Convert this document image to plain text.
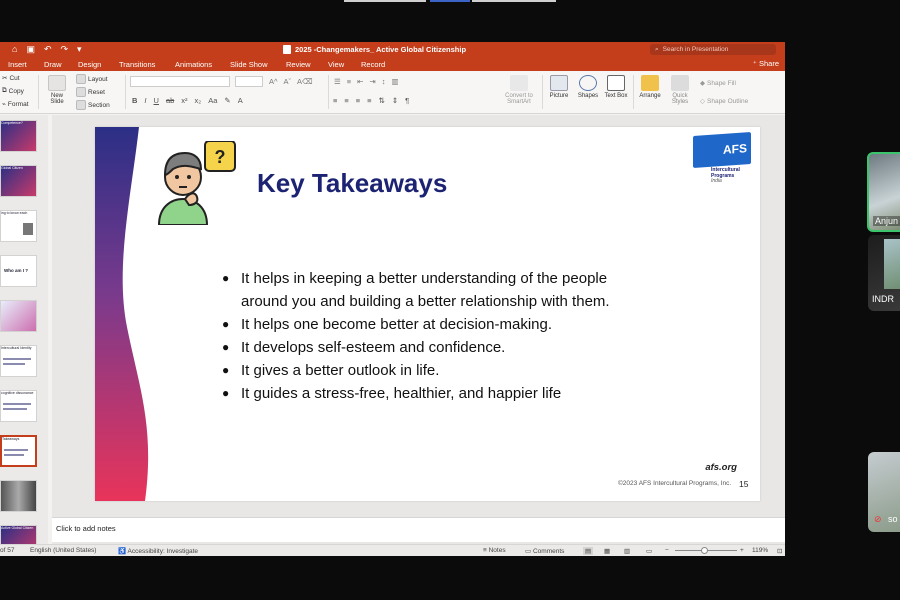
⌂ ▣ ↶ ↷ ▾	2025 -Changemakers_ Active Global Citizenship	⌕ Search in Presentation
Insert Draw Design Transitions	Animations Slide Show Review View Record	⁺ Share
✂ Cut
⧉ Copy
⌁ Format
New Slide
Layout
Reset
Section
A^ Aˇ A⌫
B I U ab x² x₂ Aa ✎ A
☰ ≡ ⇤ ⇥ ↕ ▥
≡ ≡ ≡ ≡ ⇅ ⇕ ¶	Convert to SmartArt
Picture	Shapes	Text Box	Arrange	Quick Styles
◆ Shape Fill
◇ Shape Outline
Competence?
Global Citizen
ing to know each
Who am I ?
Intercultural Identity
cognitive dissonance
Takeaways
Active Global Citizen
?
Key Takeaways
AFS
Intercultural
Programs
India
● It helps in keeping a better understanding of the people around you and building a better relationship with them.
● It helps one become better at decision-making.
● It develops self-esteem and confidence.
● It gives a better outlook in life.
● It guides a stress-free, healthier, and happier life
afs.org
©2023 AFS Intercultural Programs, Inc. 15
Click to add notes
of 57 English (United States)	♿ Accessibility: Investigate	≡ Notes	▭ Comments	▤	▦ ▥ ▭ −	+ 119% ⊡
Anjun
INDR
⊘ so
